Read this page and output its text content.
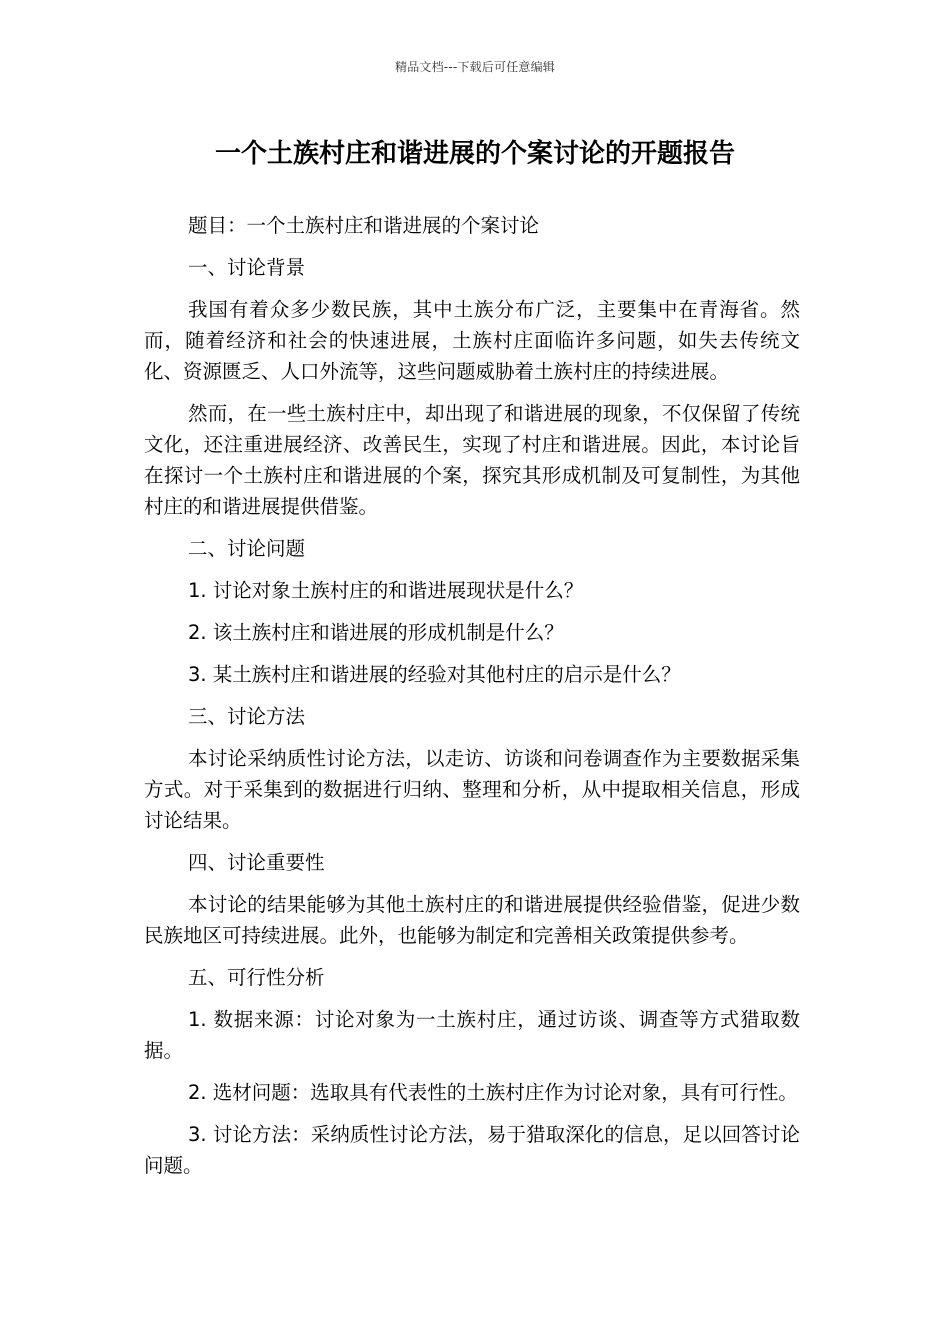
精品文档---下载后可任意编辑
一个土族村庄和谐进展的个案讨论的开题报告

题目：一个土族村庄和谐进展的个案讨论

一、讨论背景

我国有着众多少数民族，其中土族分布广泛，主要集中在青海省。然而，随着经济和社会的快速进展，土族村庄面临许多问题，如失去传统文化、资源匮乏、人口外流等，这些问题威胁着土族村庄的持续进展。

然而，在一些土族村庄中，却出现了和谐进展的现象，不仅保留了传统文化，还注重进展经济、改善民生，实现了村庄和谐进展。因此，本讨论旨在探讨一个土族村庄和谐进展的个案，探究其形成机制及可复制性，为其他村庄的和谐进展提供借鉴。

二、讨论问题

1. 讨论对象土族村庄的和谐进展现状是什么？

2. 该土族村庄和谐进展的形成机制是什么？

3. 某土族村庄和谐进展的经验对其他村庄的启示是什么？

三、讨论方法

本讨论采纳质性讨论方法，以走访、访谈和问卷调查作为主要数据采集方式。对于采集到的数据进行归纳、整理和分析，从中提取相关信息，形成讨论结果。

四、讨论重要性

本讨论的结果能够为其他土族村庄的和谐进展提供经验借鉴，促进少数民族地区可持续进展。此外，也能够为制定和完善相关政策提供参考。

五、可行性分析

1. 数据来源：讨论对象为一土族村庄，通过访谈、调查等方式猎取数据。

2. 选材问题：选取具有代表性的土族村庄作为讨论对象，具有可行性。

3. 讨论方法：采纳质性讨论方法，易于猎取深化的信息，足以回答讨论问题。
